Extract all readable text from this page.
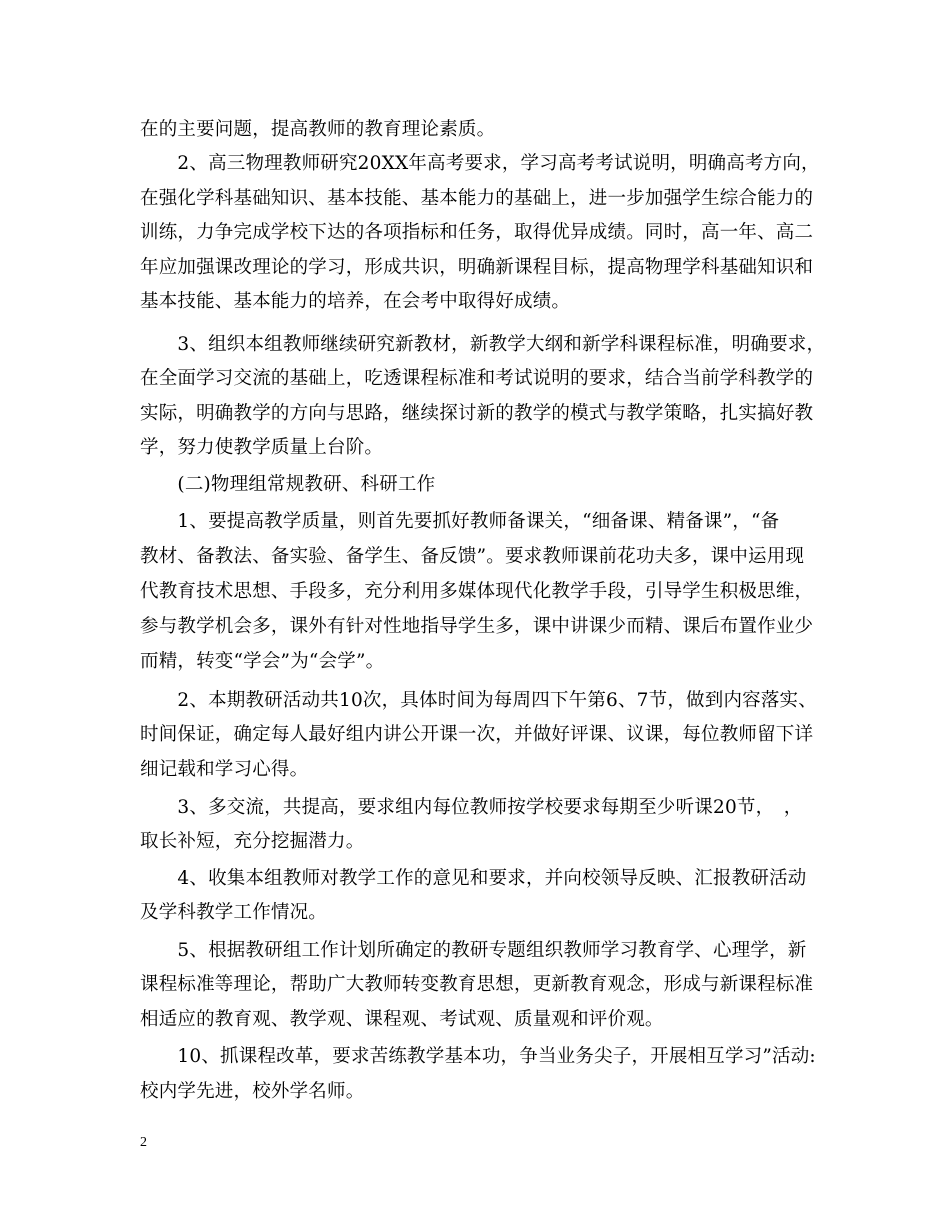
在的主要问题，提高教师的教育理论素质。
　　2、高三物理教师研究20XX年高考要求，学习高考考试说明，明确高考方向，
在强化学科基础知识、基本技能、基本能力的基础上，进一步加强学生综合能力的
训练，力争完成学校下达的各项指标和任务，取得优异成绩。同时，高一年、高二
年应加强课改理论的学习，形成共识，明确新课程目标，提高物理学科基础知识和
基本技能、基本能力的培养，在会考中取得好成绩。
　　3、组织本组教师继续研究新教材，新教学大纲和新学科课程标准，明确要求，
在全面学习交流的基础上，吃透课程标准和考试说明的要求，结合当前学科教学的
实际，明确教学的方向与思路，继续探讨新的教学的模式与教学策略，扎实搞好教
学，努力使教学质量上台阶。
　　(二)物理组常规教研、科研工作
　　1、要提高教学质量，则首先要抓好教师备课关，“细备课、精备课”，“备
教材、备教法、备实验、备学生、备反馈”。要求教师课前花功夫多，课中运用现
代教育技术思想、手段多，充分利用多媒体现代化教学手段，引导学生积极思维，
参与教学机会多，课外有针对性地指导学生多，课中讲课少而精、课后布置作业少
而精，转变“学会”为“会学”。
　　2、本期教研活动共10次，具体时间为每周四下午第6、7节，做到内容落实、
时间保证，确定每人最好组内讲公开课一次，并做好评课、议课，每位教师留下详
细记载和学习心得。
　　3、多交流，共提高，要求组内每位教师按学校要求每期至少听课20节，　，
取长补短，充分挖掘潜力。
　　4、收集本组教师对教学工作的意见和要求，并向校领导反映、汇报教研活动
及学科教学工作情况。
　　5、根据教研组工作计划所确定的教研专题组织教师学习教育学、心理学，新
课程标准等理论，帮助广大教师转变教育思想，更新教育观念，形成与新课程标准
相适应的教育观、教学观、课程观、考试观、质量观和评价观。
　　10、抓课程改革，要求苦练教学基本功，争当业务尖子，开展相互学习”活动:
校内学先进，校外学名师。
2
